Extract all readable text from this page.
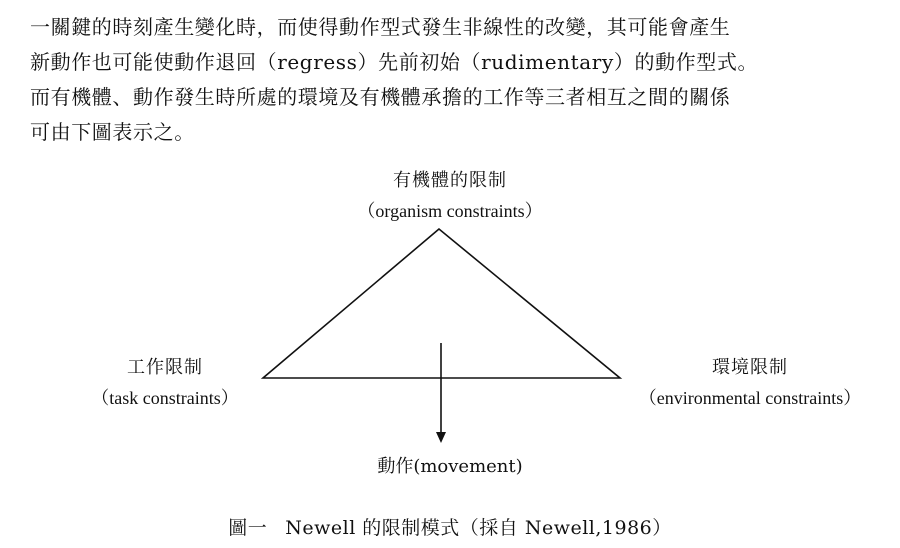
一關鍵的時刻產生變化時，而使得動作型式發生非線性的改變，其可能會產生
新動作也可能使動作退回（regress）先前初始（rudimentary）的動作型式。
而有機體、動作發生時所處的環境及有機體承擔的工作等三者相互之間的關係
可由下圖表示之。
有機體的限制
（organism constraints）
工作限制
（task constraints）
環境限制
（environmental constraints）
動作(movement)
圖一 Newell 的限制模式（採自 Newell,1986）
